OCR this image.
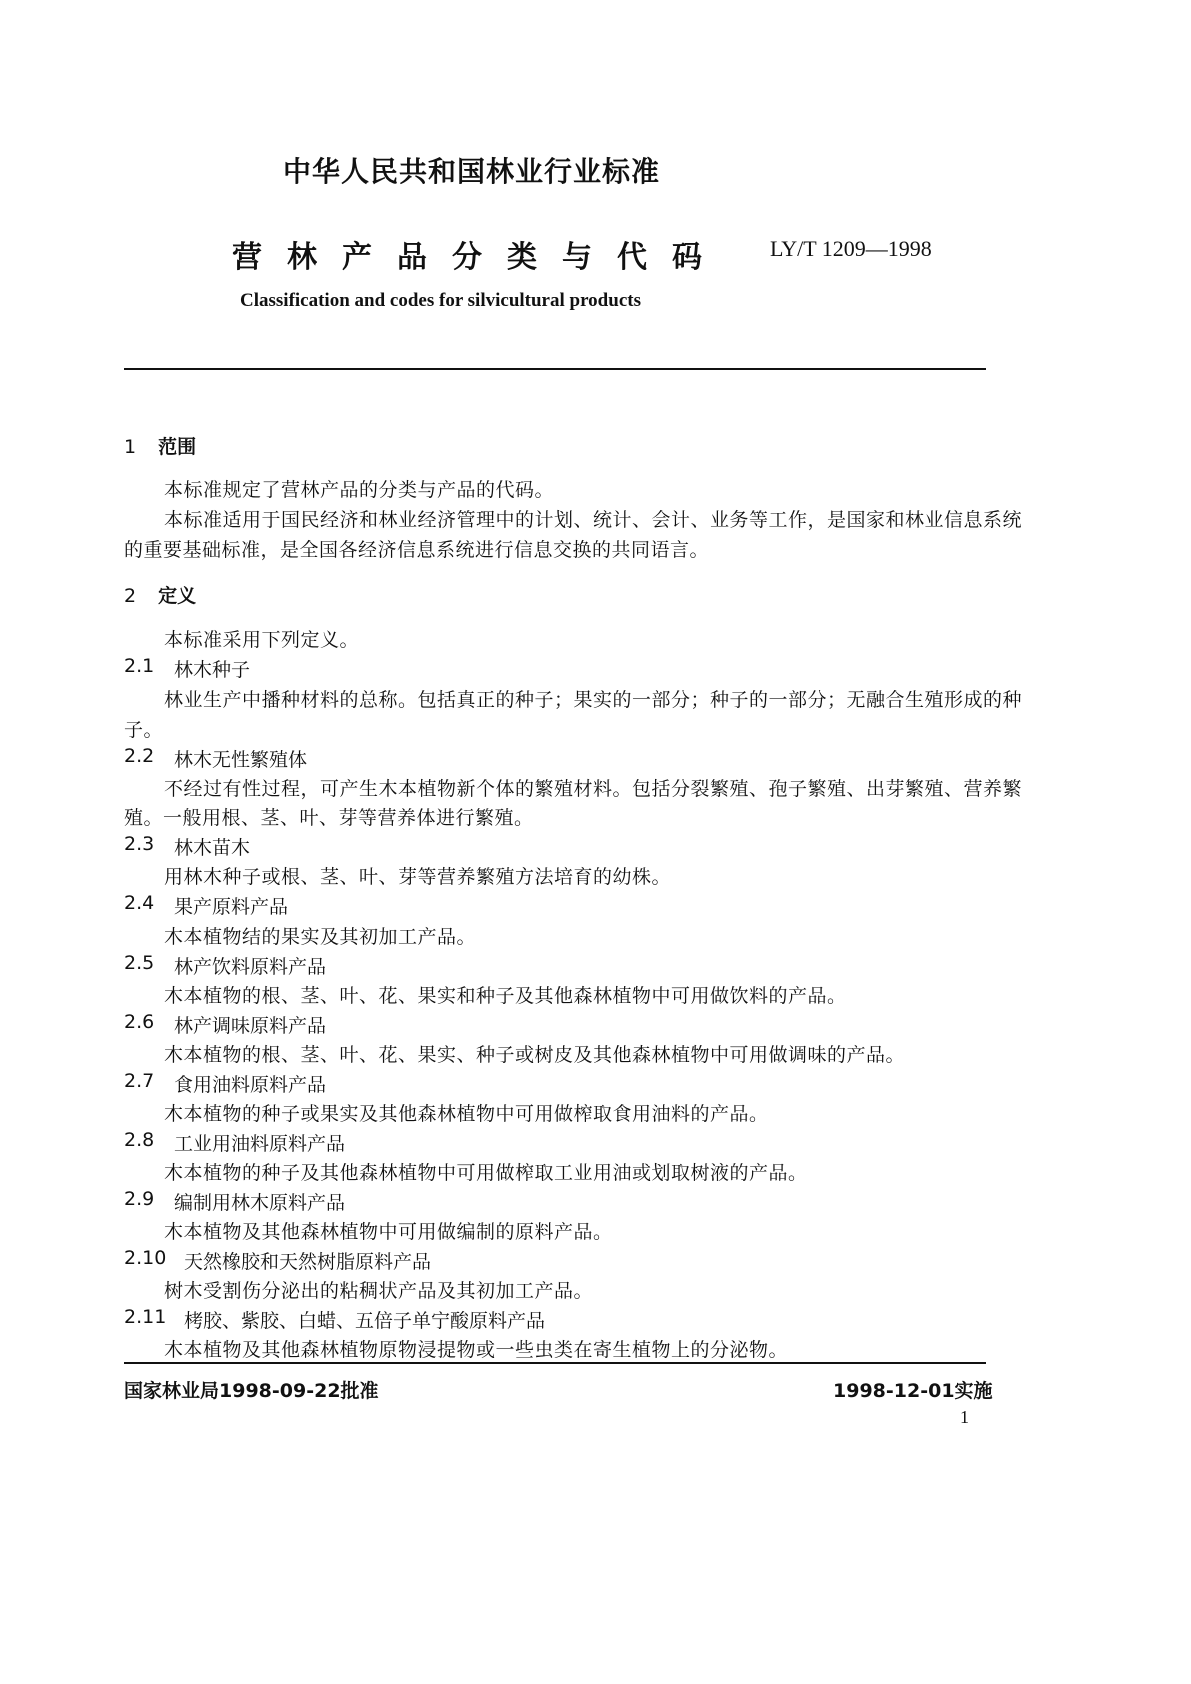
中华人民共和国林业行业标准
营林产品分类与代码 LY/T 1209—1998
Classification and codes for silvicultural products
1 范围
本标准规定了营林产品的分类与产品的代码。
本标准适用于国民经济和林业经济管理中的计划、统计、会计、业务等工作，是国家和林业信息系统
的重要基础标准，是全国各经济信息系统进行信息交换的共同语言。
2 定义
本标准采用下列定义。
2.1 林木种子
林业生产中播种材料的总称。包括真正的种子；果实的一部分；种子的一部分；无融合生殖形成的种
子。
2.2 林木无性繁殖体
不经过有性过程，可产生木本植物新个体的繁殖材料。包括分裂繁殖、孢子繁殖、出芽繁殖、营养繁
殖。一般用根、茎、叶、芽等营养体进行繁殖。
2.3 林木苗木
用林木种子或根、茎、叶、芽等营养繁殖方法培育的幼株。
2.4 果产原料产品
木本植物结的果实及其初加工产品。
2.5 林产饮料原料产品
木本植物的根、茎、叶、花、果实和种子及其他森林植物中可用做饮料的产品。
2.6 林产调味原料产品
木本植物的根、茎、叶、花、果实、种子或树皮及其他森林植物中可用做调味的产品。
2.7 食用油料原料产品
木本植物的种子或果实及其他森林植物中可用做榨取食用油料的产品。
2.8 工业用油料原料产品
木本植物的种子及其他森林植物中可用做榨取工业用油或划取树液的产品。
2.9 编制用林木原料产品
木本植物及其他森林植物中可用做编制的原料产品。
2.10 天然橡胶和天然树脂原料产品
树木受割伤分泌出的粘稠状产品及其初加工产品。
2.11 栲胶、紫胶、白蜡、五倍子单宁酸原料产品
木本植物及其他森林植物原物浸提物或一些虫类在寄生植物上的分泌物。
国家林业局1998-09-22批准	1998-12-01实施
1
